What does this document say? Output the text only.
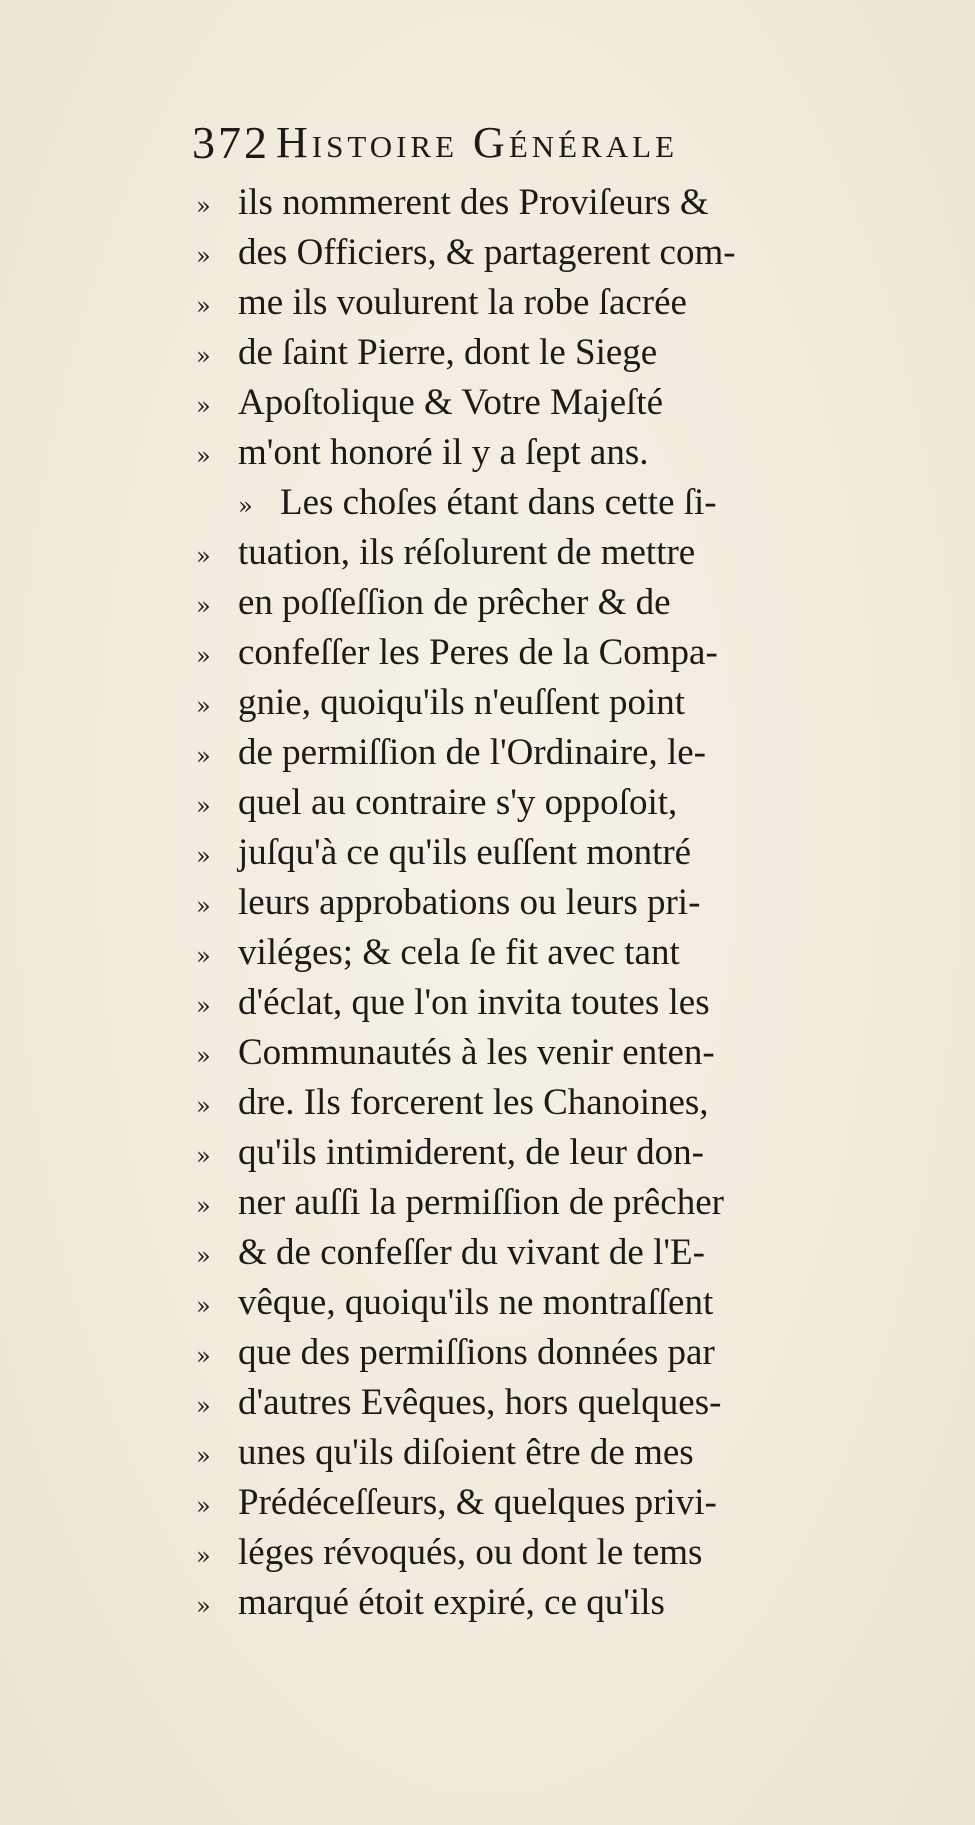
372 Histoire Générale
» ils nommerent des Proviſeurs &
» des Officiers, & partagerent com-
» me ils voulurent la robe ſacrée
» de ſaint Pierre, dont le Siege
» Apoſtolique & Votre Majeſté
» m'ont honoré il y a ſept ans.
» Les choſes étant dans cette ſi-
» tuation, ils réſolurent de mettre
» en poſſeſſion de prêcher & de
» confeſſer les Peres de la Compa-
» gnie, quoiqu'ils n'euſſent point
» de permiſſion de l'Ordinaire, le-
» quel au contraire s'y oppoſoit,
» juſqu'à ce qu'ils euſſent montré
» leurs approbations ou leurs pri-
» viléges; & cela ſe fit avec tant
» d'éclat, que l'on invita toutes les
» Communautés à les venir enten-
» dre. Ils forcerent les Chanoines,
» qu'ils intimiderent, de leur don-
» ner auſſi la permiſſion de prêcher
» & de confeſſer du vivant de l'E-
» vêque, quoiqu'ils ne montraſſent
» que des permiſſions données par
» d'autres Evêques, hors quelques-
» unes qu'ils diſoient être de mes
» Prédéceſſeurs, & quelques privi-
» léges révoqués, ou dont le tems
» marqué étoit expiré, ce qu'ils
